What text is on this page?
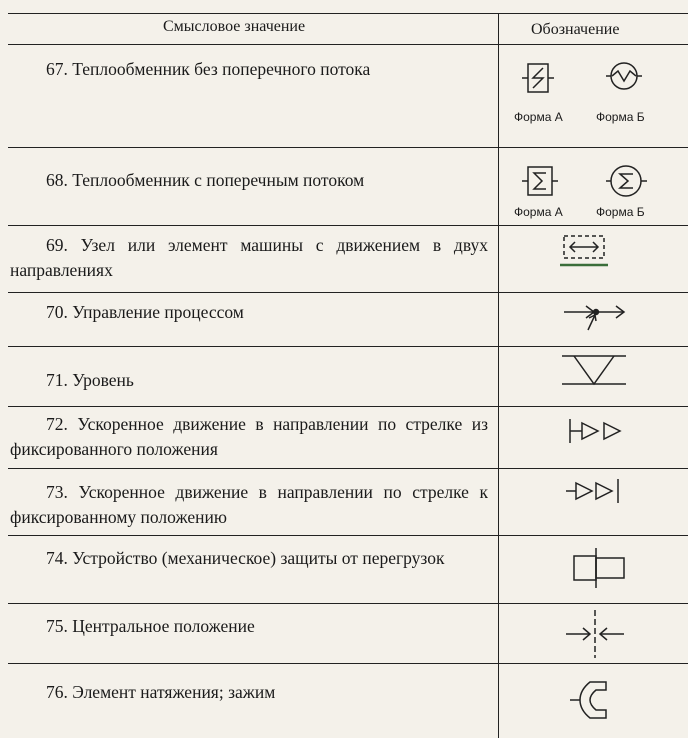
Смысловое значение	Обозначение
67. Теплообменник без поперечного потока
Форма А	Форма Б
68. Теплообменник с поперечным потоком
Форма А	Форма Б
69. Узел или элемент машины с движением в двух направлениях
70. Управление процессом
71. Уровень
72. Ускоренное движение в направлении по стрелке из фиксированного положения
73. Ускоренное движение в направлении по стрелке к фиксированному положению
74. Устройство (механическое) защиты от перегрузок
75. Центральное положение
76. Элемент натяжения; зажим
